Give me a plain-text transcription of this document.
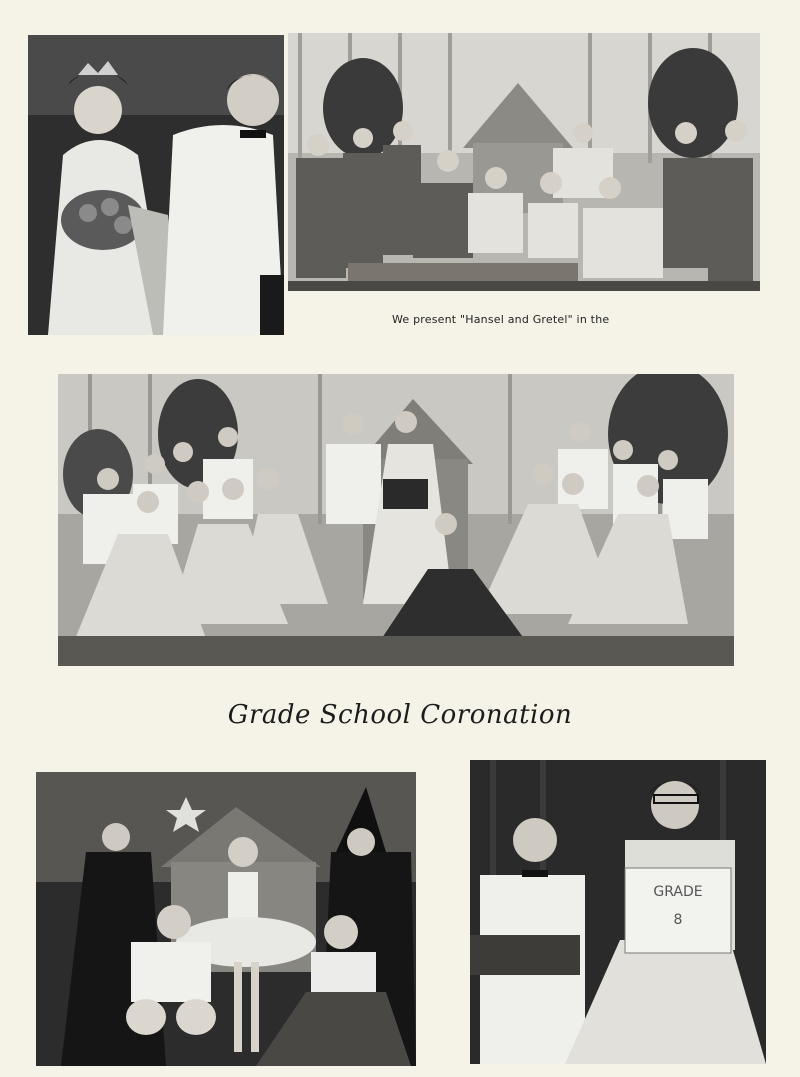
We present "Hansel and Gretel" in the
Grade School Coronation
GRADE 8
